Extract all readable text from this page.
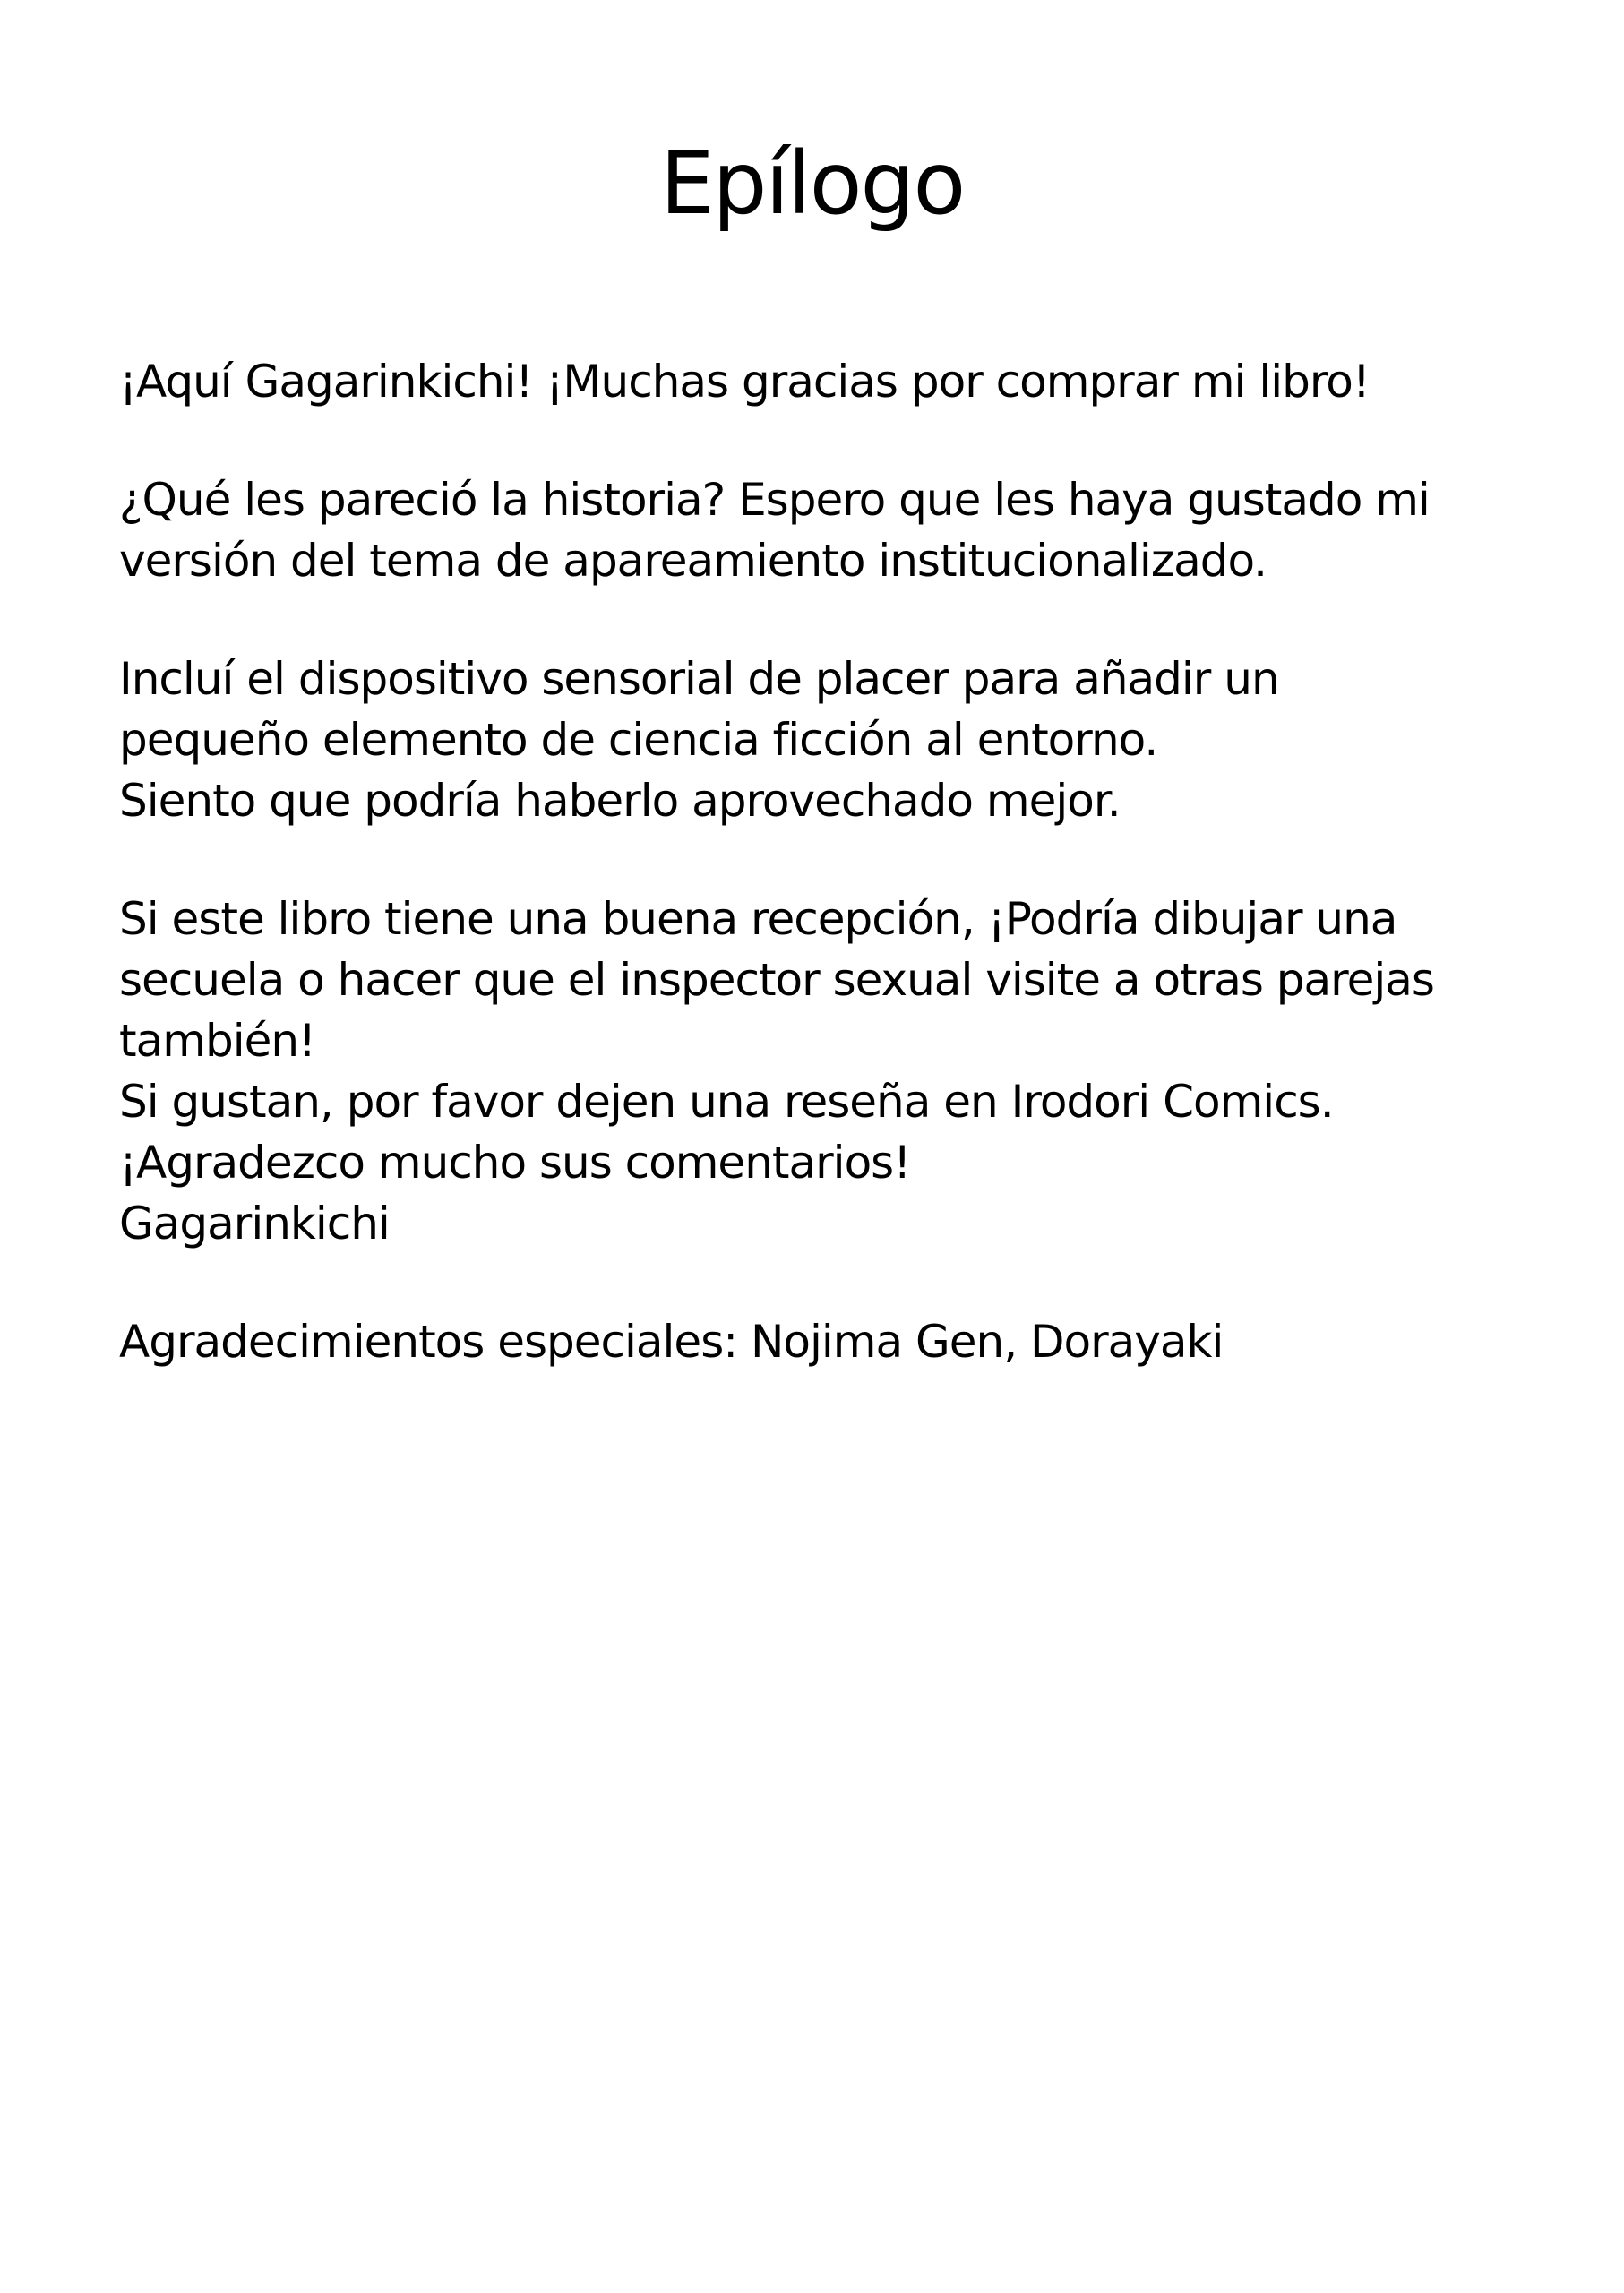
Epílogo
¡Aquí Gagarinkichi! ¡Muchas gracias por comprar mi libro!
¿Qué les pareció la historia? Espero que les haya gustado mi
versión del tema de apareamiento institucionalizado.
Incluí el dispositivo sensorial de placer para añadir un
pequeño elemento de ciencia ficción al entorno.
Siento que podría haberlo aprovechado mejor.
Si este libro tiene una buena recepción, ¡Podría dibujar una
secuela o hacer que el inspector sexual visite a otras parejas
también!
Si gustan, por favor dejen una reseña en Irodori Comics.
¡Agradezco mucho sus comentarios!
Gagarinkichi
Agradecimientos especiales: Nojima Gen, Dorayaki
